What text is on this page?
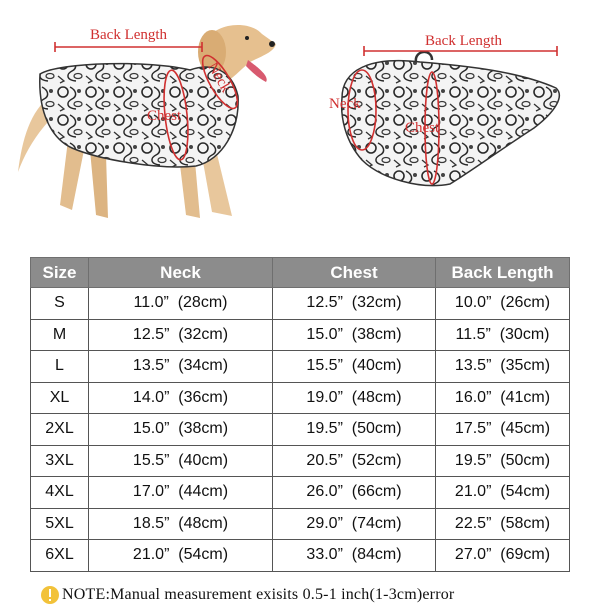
Back Length
Neck
Chest
Back Length
Neck
Chest
Size	Neck	Chest	Back Length
S	11.0”  (28cm)	12.5”  (32cm)	10.0”  (26cm)
M	12.5”  (32cm)	15.0”  (38cm)	11.5”  (30cm)
L	13.5”  (34cm)	15.5”  (40cm)	13.5”  (35cm)
XL	14.0”  (36cm)	19.0”  (48cm)	16.0”  (41cm)
2XL	15.0”  (38cm)	19.5”  (50cm)	17.5”  (45cm)
3XL	15.5”  (40cm)	20.5”  (52cm)	19.5”  (50cm)
4XL	17.0”  (44cm)	26.0”  (66cm)	21.0”  (54cm)
5XL	18.5”  (48cm)	29.0”  (74cm)	22.5”  (58cm)
6XL	21.0”  (54cm)	33.0”  (84cm)	27.0”  (69cm)
NOTE:Manual measurement exisits 0.5-1 inch(1-3cm)error
